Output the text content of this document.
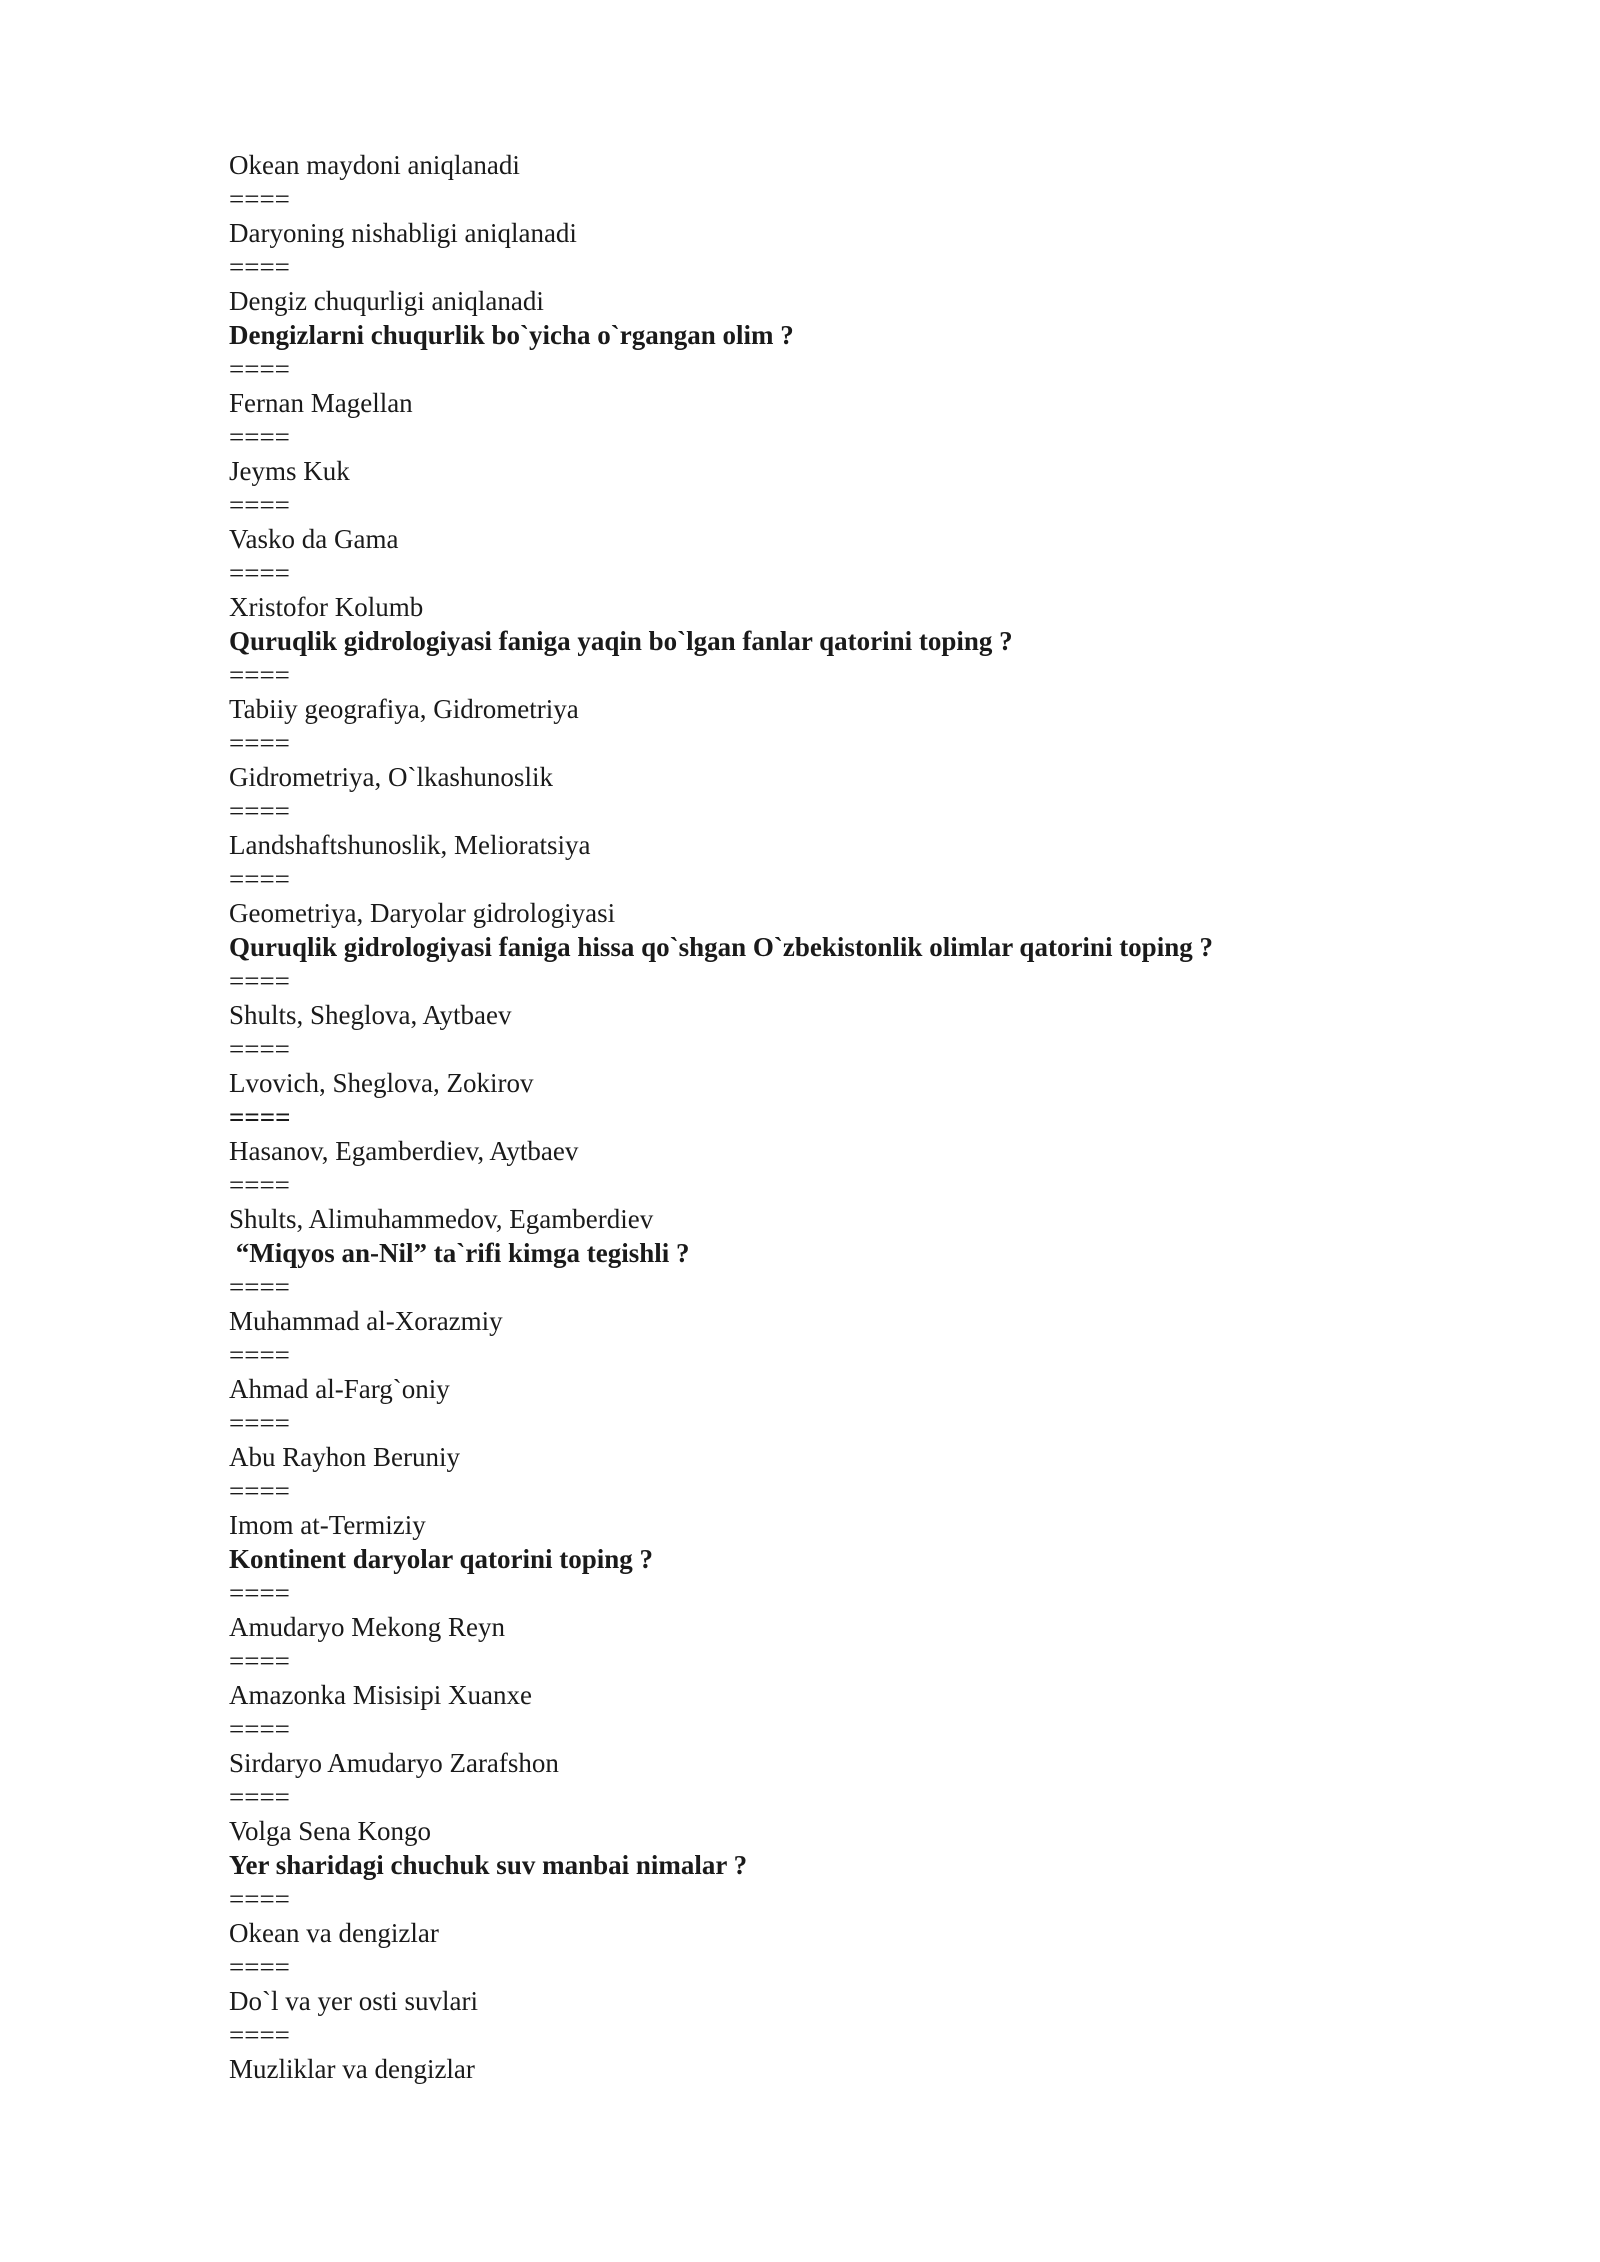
Okean maydoni aniqlanadi

====

Daryoning nishabligi aniqlanadi

====

Dengiz chuqurligi aniqlanadi

Dengizlarni chuqurlik bo`yicha o`rgangan olim ?

====

Fernan Magellan

====

Jeyms Kuk

====

Vasko da Gama

====

Xristofor Kolumb

Quruqlik gidrologiyasi faniga yaqin bo`lgan fanlar qatorini toping ?

====

Tabiiy geografiya, Gidrometriya

====

Gidrometriya, O`lkashunoslik

====

Landshaftshunoslik, Melioratsiya

====

Geometriya, Daryolar gidrologiyasi

Quruqlik gidrologiyasi faniga hissa qo`shgan O`zbekistonlik olimlar qatorini toping ?

====

Shults, Sheglova, Aytbaev

====

Lvovich, Sheglova, Zokirov

====

Hasanov, Egamberdiev, Aytbaev

====

Shults, Alimuhammedov, Egamberdiev

“Miqyos an-Nil” ta`rifi kimga tegishli ?

====

Muhammad al-Xorazmiy

====

Ahmad al-Farg`oniy

====

Abu Rayhon Beruniy

====

Imom at-Termiziy

Kontinent daryolar qatorini toping ?

====

Amudaryo Mekong Reyn

====

Amazonka Misisipi Xuanxe

====

Sirdaryo Amudaryo Zarafshon

====

Volga Sena Kongo

Yer sharidagi chuchuk suv manbai nimalar ?

====

Okean va dengizlar

====

Do`l va yer osti suvlari

====

Muzliklar va dengizlar
